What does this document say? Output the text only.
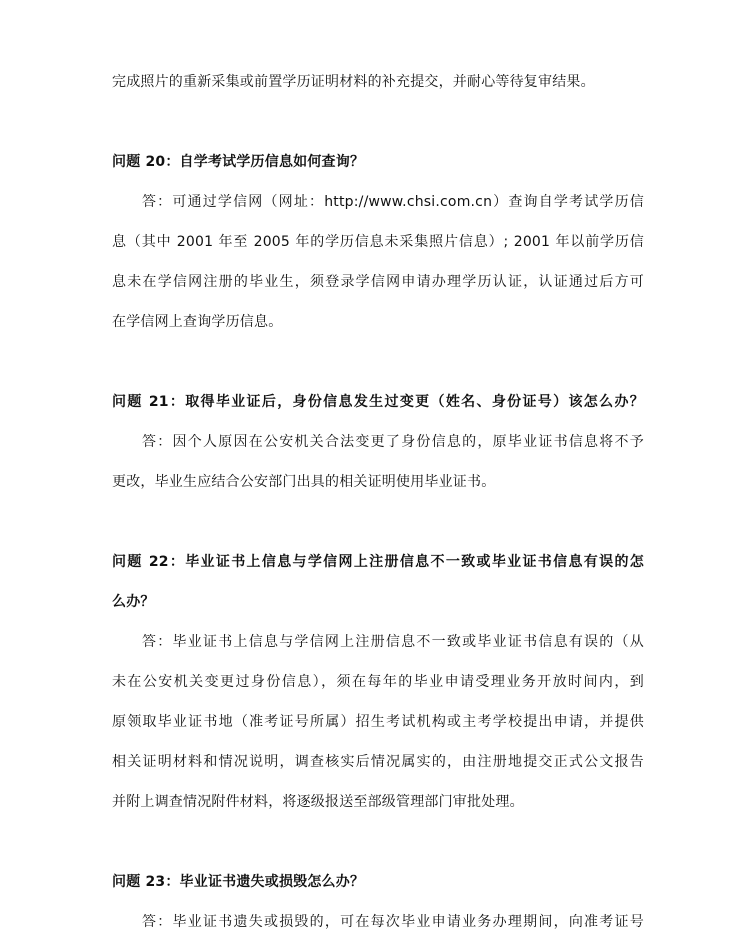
完成照片的重新采集或前置学历证明材料的补充提交，并耐心等待复审结果。
问题 20：自学考试学历信息如何查询？
答：可通过学信网（网址：http://www.chsi.com.cn）查询自学考试学历信
息（其中 2001 年至 2005 年的学历信息未采集照片信息）; 2001 年以前学历信
息未在学信网注册的毕业生，须登录学信网申请办理学历认证，认证通过后方可
在学信网上查询学历信息。
问题 21：取得毕业证后，身份信息发生过变更（姓名、身份证号）该怎么办？
答：因个人原因在公安机关合法变更了身份信息的，原毕业证书信息将不予
更改，毕业生应结合公安部门出具的相关证明使用毕业证书。
问题 22：毕业证书上信息与学信网上注册信息不一致或毕业证书信息有误的怎
么办？
答：毕业证书上信息与学信网上注册信息不一致或毕业证书信息有误的（从
未在公安机关变更过身份信息），须在每年的毕业申请受理业务开放时间内，到
原领取毕业证书地（准考证号所属）招生考试机构或主考学校提出申请，并提供
相关证明材料和情况说明，调查核实后情况属实的，由注册地提交正式公文报告
并附上调查情况附件材料，将逐级报送至部级管理部门审批处理。
问题 23：毕业证书遗失或损毁怎么办？
答：毕业证书遗失或损毁的，可在每次毕业申请业务办理期间，向准考证号
